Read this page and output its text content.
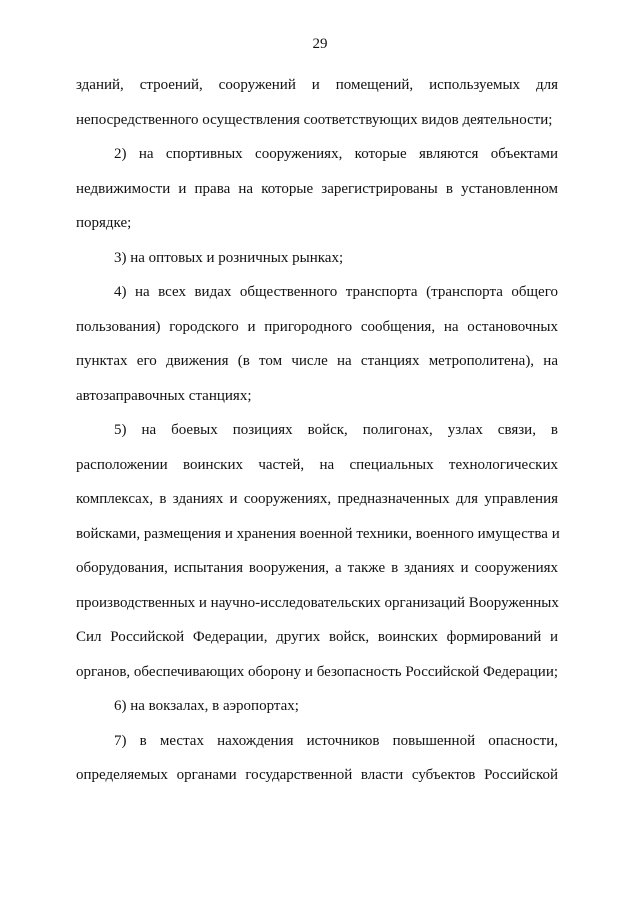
29
зданий, строений, сооружений и помещений, используемых для
непосредственного осуществления соответствующих видов деятельности;
2) на спортивных сооружениях, которые являются объектами
недвижимости и права на которые зарегистрированы в установленном
порядке;
3) на оптовых и розничных рынках;
4) на всех видах общественного транспорта (транспорта общего
пользования) городского и пригородного сообщения, на остановочных
пунктах его движения (в том числе на станциях метрополитена), на
автозаправочных станциях;
5) на боевых позициях войск, полигонах, узлах связи, в
расположении воинских частей, на специальных технологических
комплексах, в зданиях и сооружениях, предназначенных для управления
войсками, размещения и хранения военной техники, военного имущества и
оборудования, испытания вооружения, а также в зданиях и сооружениях
производственных и научно-исследовательских организаций Вооруженных
Сил Российской Федерации, других войск, воинских формирований и
органов, обеспечивающих оборону и безопасность Российской Федерации;
6) на вокзалах, в аэропортах;
7) в местах нахождения источников повышенной опасности,
определяемых органами государственной власти субъектов Российской
